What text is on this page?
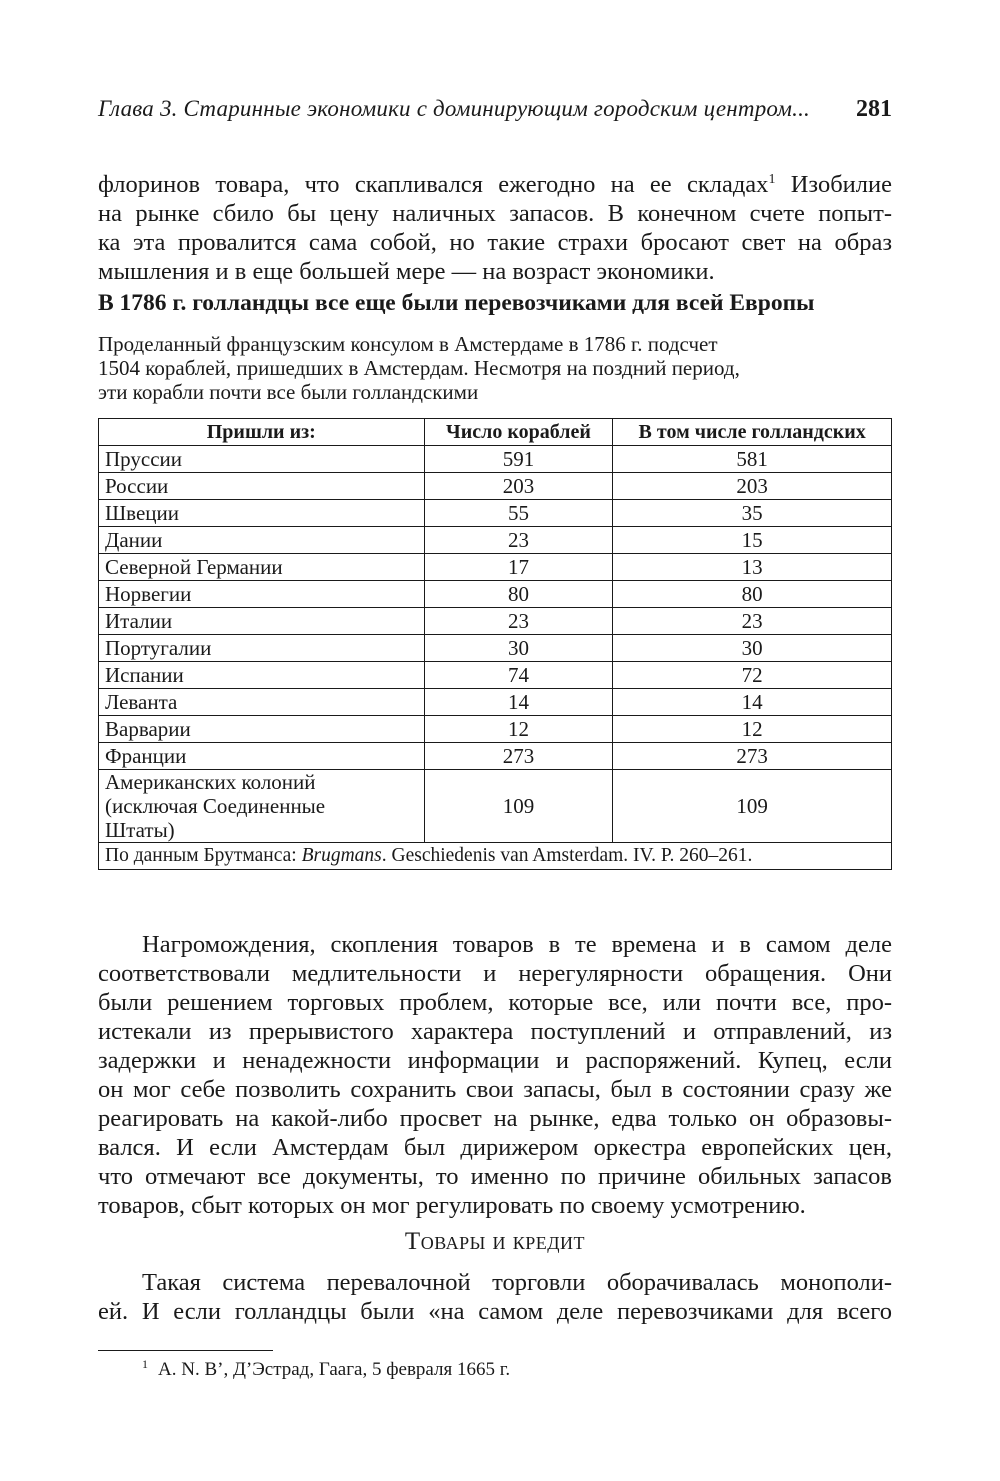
Глава 3. Старинные экономики с доминирующим городским центром... 281
флоринов товара, что скапливался ежегодно на ее складах$^1$ Изобилие
на рынке сбило бы цену наличных запасов. В конечном счете попыт-
ка эта провалится сама собой, но такие страхи бросают свет на образ
мышления и в еще большей мере — на возраст экономики.
В 1786 г. голландцы все еще были перевозчиками для всей Европы
Проделанный французским консулом в Амстердаме в 1786 г. подсчет
1504 кораблей, пришедших в Амстердам. Несмотря на поздний период,
эти корабли почти все были голландскими
Пришли из:	Число кораблей	В том числе голландских
Пруссии	591	581
России	203	203
Швеции	55	35
Дании	23	15
Северной Германии	17	13
Норвегии	80	80
Италии	23	23
Португалии	30	30
Испании	74	72
Леванта	14	14
Варварии	12	12
Франции	273	273

Американских колоний
(исключая Соединенные
Штаты)	109	109
По данным Брутманса: Brugmans. Geschiedenis van Amsterdam. IV. P. 260–261.		
Нагромождения, скопления товаров в те времена и в самом деле
соответствовали медлительности и нерегулярности обращения. Они
были решением торговых проблем, которые все, или почти все, про-
истекали из прерывистого характера поступлений и отправлений, из
задержки и ненадежности информации и распоряжений. Купец, если
он мог себе позволить сохранить свои запасы, был в состоянии сразу же
реагировать на какой-либо просвет на рынке, едва только он образовы-
вался. И если Амстердам был дирижером оркестра европейских цен,
что отмечают все документы, то именно по причине обильных запасов
товаров, сбыт которых он мог регулировать по своему усмотрению.
Товары и кредит
Такая система перевалочной торговли оборачивалась монополи-
ей. И если голландцы были «на самом деле перевозчиками для всего
$^1$ A. N. B’, Д’Эстрад, Гаага, 5 февраля 1665 г.
